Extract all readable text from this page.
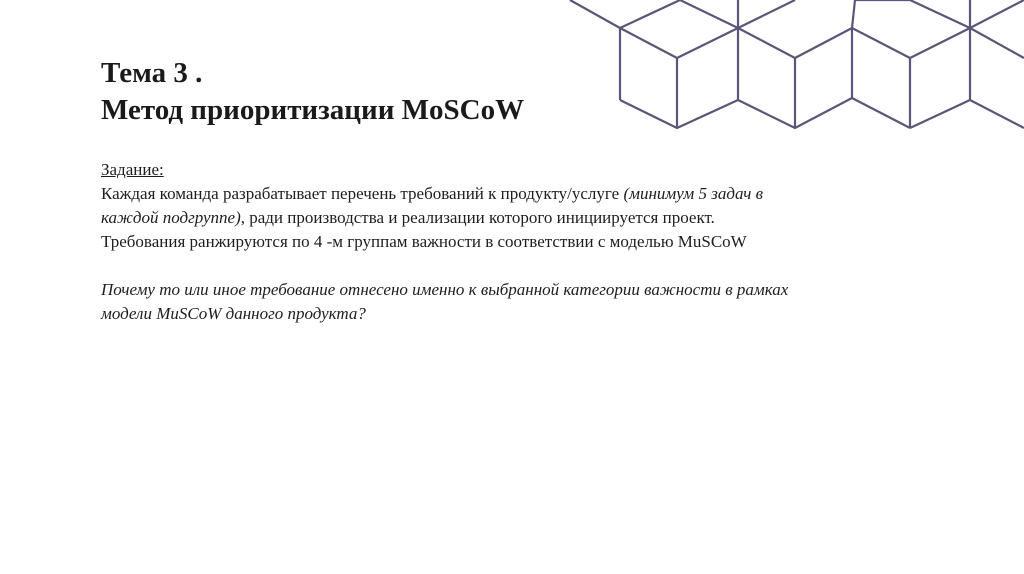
Тема 3 .
Метод приоритизации MoSCoW

Задание:

Каждая команда разрабатывает перечень требований к продукту/услуге (минимум 5 задач в
каждой подгруппе), ради производства и реализации которого инициируется проект.

Требования ранжируются по 4 -м группам важности в соответствии с моделью MuSCoW

Почему то или иное требование отнесено именно к выбранной категории важности в рамках
модели MuSCoW данного продукта?
